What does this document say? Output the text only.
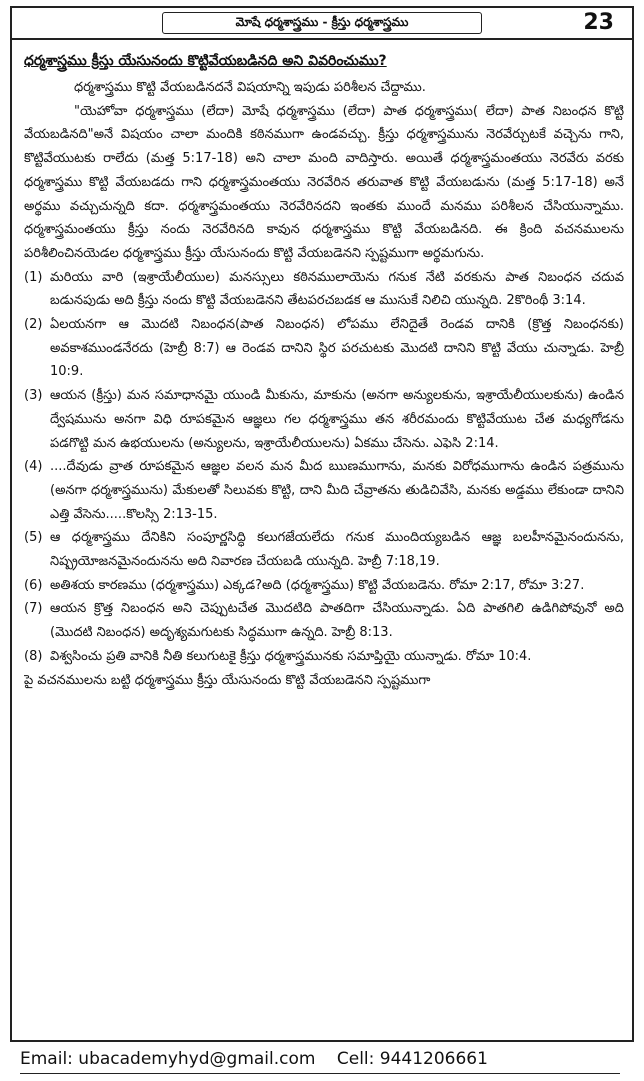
మోషే ధర్మశాస్త్రము - క్రీస్తు ధర్మశాస్త్రము	23
ధర్మశాస్త్రము క్రీస్తు యేసునందు కొట్టివేయబడినది అని వివరించుము?

ధర్మశాస్త్రము కొట్టి వేయబడినదనే విషయాన్ని ఇపుడు పరిశీలన చేద్దాము.

"యెహోవా ధర్మశాస్త్రము (లేదా) మోషే ధర్మశాస్త్రము (లేదా) పాత ధర్మశాస్త్రము( లేదా) పాత నిబంధన కొట్టి వేయబడినది"అనే విషయం చాలా మందికి కఠినముగా ఉండవచ్చు. క్రీస్తు ధర్మశాస్త్రమును నెరవేర్చుటకే వచ్చెను గాని, కొట్టివేయుటకు రాలేదు (మత్త 5:17-18) అని చాలా మంది వాదిస్తారు. అయితే ధర్మశాస్త్రమంతయు నెరవేరు వరకు ధర్మశాస్త్రము కొట్టి వేయబడదు గాని ధర్మశాస్త్రమంతయు నెరవేరిన తరువాత కొట్టి వేయబడును (మత్త 5:17-18) అనే అర్థము వచ్చుచున్నది కదా. ధర్మశాస్త్రమంతయు నెరవేరినదని ఇంతకు ముందే మనము పరిశీలన చేసియున్నాము. ధర్మశాస్త్రమంతయు క్రీస్తు నందు నెరవేరినది కావున ధర్మశాస్త్రము కొట్టి వేయబడినది. ఈ క్రింది వచనములను పరిశీలించినయెడల ధర్మశాస్త్రము క్రీస్తు యేసునందు కొట్టి వేయబడెనని స్పష్టముగా అర్థమగును.

(1) మరియు వారి (ఇశ్రాయేలీయుల) మనస్సులు కఠినములాయెను గనుక నేటి వరకును పాత నిబంధన చదువ బడునపుడు అది క్రీస్తు నందు కొట్టి వేయబడెనని తేటపరచబడక ఆ ముసుకే నిలిచి యున్నది. 2కొరింథీ 3:14.
(2) ఏలయనగా ఆ మొదటి నిబంధన(పాత నిబంధన) లోపము లేనిదైతే రెండవ దానికి (క్రొత్త నిబంధనకు) అవకాశముండనేరదు (హెబ్రీ 8:7) ఆ రెండవ దానిని స్థిర పరచుటకు మొదటి దానిని కొట్టి వేయు చున్నాడు. హెబ్రీ 10:9.
(3) ఆయన (క్రీస్తు) మన సమాధానమై యుండి మీకును, మాకును (అనగా అన్యులకును, ఇశ్రాయేలీయులకును) ఉండిన ద్వేషమును అనగా విధి రూపకమైన ఆజ్ఞలు గల ధర్మశాస్త్రము తన శరీరమందు కొట్టివేయుట చేత మధ్యగోడను పడగొట్టి మన ఉభయులను (అన్యులను, ఇశ్రాయేలీయులను) ఏకము చేసెను. ఎఫెసి 2:14.
(4) ....దేవుడు వ్రాత రూపకమైన ఆజ్ఞల వలన మన మీద ఋణముగాను, మనకు విరోధముగాను ఉండిన పత్రమును (అనగా ధర్మశాస్త్రమును) మేకులతో సిలువకు కొట్టి, దాని మీది చేవ్రాతను తుడిచివేసి, మనకు అడ్డము లేకుండా దానిని ఎత్తి వేసెను.....కొలస్సి 2:13-15.
(5) ఆ ధర్మశాస్త్రము దేనికిని సంపూర్ణసిద్ధి కలుగజేయలేదు గనుక ముందియ్యబడిన ఆజ్ఞ బలహీనమైనందునను, నిష్ప్రయోజనమైనందునను అది నివారణ చేయబడి యున్నది. హెబ్రీ 7:18,19.
(6) అతిశయ కారణము (ధర్మశాస్త్రము) ఎక్కడ?అది (ధర్మశాస్త్రము) కొట్టి వేయబడెను. రోమా 2:17, రోమా 3:27.
(7) ఆయన క్రొత్త నిబంధన అని చెప్పుటచేత మొదటిది పాతదిగా చేసియున్నాడు. ఏది పాతగిలి ఉడిగిపోవునో అది (మొదటి నిబంధన) అదృశ్యమగుటకు సిద్ధముగా ఉన్నది. హెబ్రీ 8:13.
(8) విశ్వసించు ప్రతి వానికి నీతి కలుగుటకై క్రీస్తు ధర్మశాస్త్రమునకు సమాప్తియై యున్నాడు. రోమా 10:4.

పై వచనములను బట్టి ధర్మశాస్త్రము క్రీస్తు యేసునందు కొట్టి వేయబడెనని స్పష్టముగా

Email: ubacademyhyd@gmail.com Cell: 9441206661
